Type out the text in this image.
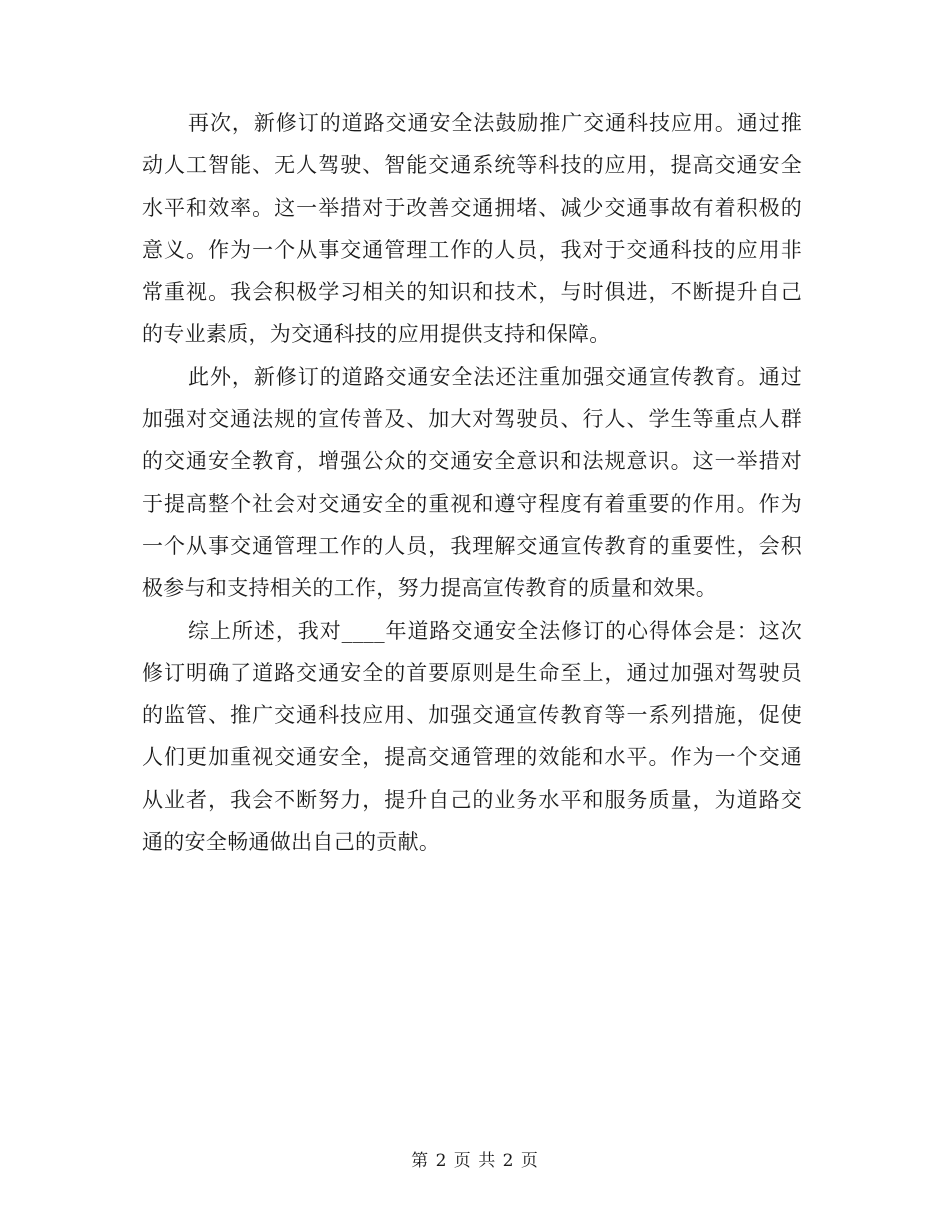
再次，新修订的道路交通安全法鼓励推广交通科技应用。通过推动人工智能、无人驾驶、智能交通系统等科技的应用，提高交通安全水平和效率。这一举措对于改善交通拥堵、减少交通事故有着积极的意义。作为一个从事交通管理工作的人员，我对于交通科技的应用非常重视。我会积极学习相关的知识和技术，与时俱进，不断提升自己的专业素质，为交通科技的应用提供支持和保障。

此外，新修订的道路交通安全法还注重加强交通宣传教育。通过加强对交通法规的宣传普及、加大对驾驶员、行人、学生等重点人群的交通安全教育，增强公众的交通安全意识和法规意识。这一举措对于提高整个社会对交通安全的重视和遵守程度有着重要的作用。作为一个从事交通管理工作的人员，我理解交通宣传教育的重要性，会积极参与和支持相关的工作，努力提高宣传教育的质量和效果。

综上所述，我对____年道路交通安全法修订的心得体会是：这次修订明确了道路交通安全的首要原则是生命至上，通过加强对驾驶员的监管、推广交通科技应用、加强交通宣传教育等一系列措施，促使人们更加重视交通安全，提高交通管理的效能和水平。作为一个交通从业者，我会不断努力，提升自己的业务水平和服务质量，为道路交通的安全畅通做出自己的贡献。

第 2 页 共 2 页
